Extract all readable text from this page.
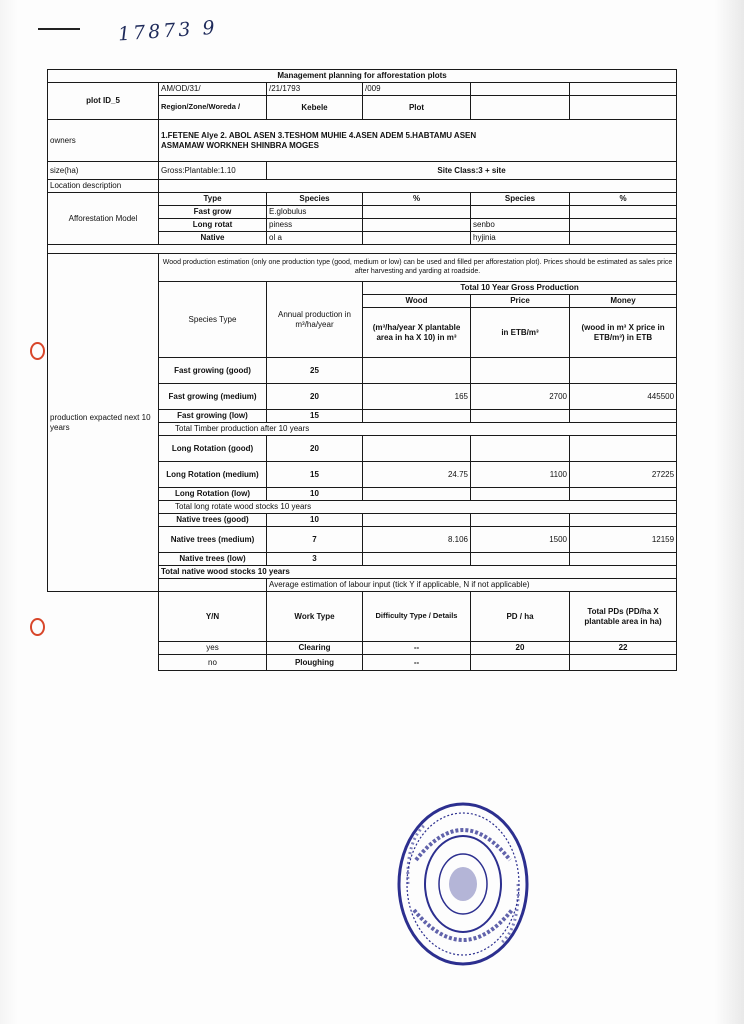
17873 9
Management planning for afforestation plots					
plot ID_5	AM/OD/31/	/21/1793	/009		
	Region/Zone/Woreda /	Kebele	Plot		
owners	1.FETENE Alye 2. ABOL ASEN 3.TESHOM MUHIE 4.ASEN ADEM 5.HABTAMU ASEN
ASMAMAW WORKNEH SHINBRA MOGES				

size(ha)	Gross:Plantable:1.10	Site Class:3 + site			
Location description					
Afforestation Model	Type	Species	%	Species	%
	Fast grow	E.globulus			
	Long rotat	piness		senbo	
	Native	ol a		hyjinia	

production expacted next 10 years	Wood production estimation (only one production type (good, medium or low) can be used and filled per afforestation plot). Prices should be estimated as sales price after harvesting and yarding at roadside.				
	Species Type	Annual production in m³/ha/year	Total 10 Year Gross Production		
			Wood	Price	Money
			(m³/ha/year X plantable area in ha X 10) in m³	in ETB/m³	(wood in m³ X price in ETB/m³) in ETB
	Fast growing (good)	25			
	Fast growing (medium)	20	165	2700	445500
	Fast growing (low)	15			
	Total Timber production after 10 years				
	Long Rotation (good)	20			
	Long Rotation (medium)	15	24.75	1100	27225
	Long Rotation (low)	10			
	Total long rotate wood stocks 10 years				
	Native trees (good)	10			
	Native trees (medium)	7	8.106	1500	12159
	Native trees (low)	3			
	Total native wood stocks 10 years				
		Average estimation of labour input (tick Y if applicable, N if not applicable)			
	Y/N	Work Type	Difficulty Type / Details	PD / ha	Total PDs (PD/ha X plantable area in ha)
	yes	Clearing	--	20	22
	no	Ploughing	--		
